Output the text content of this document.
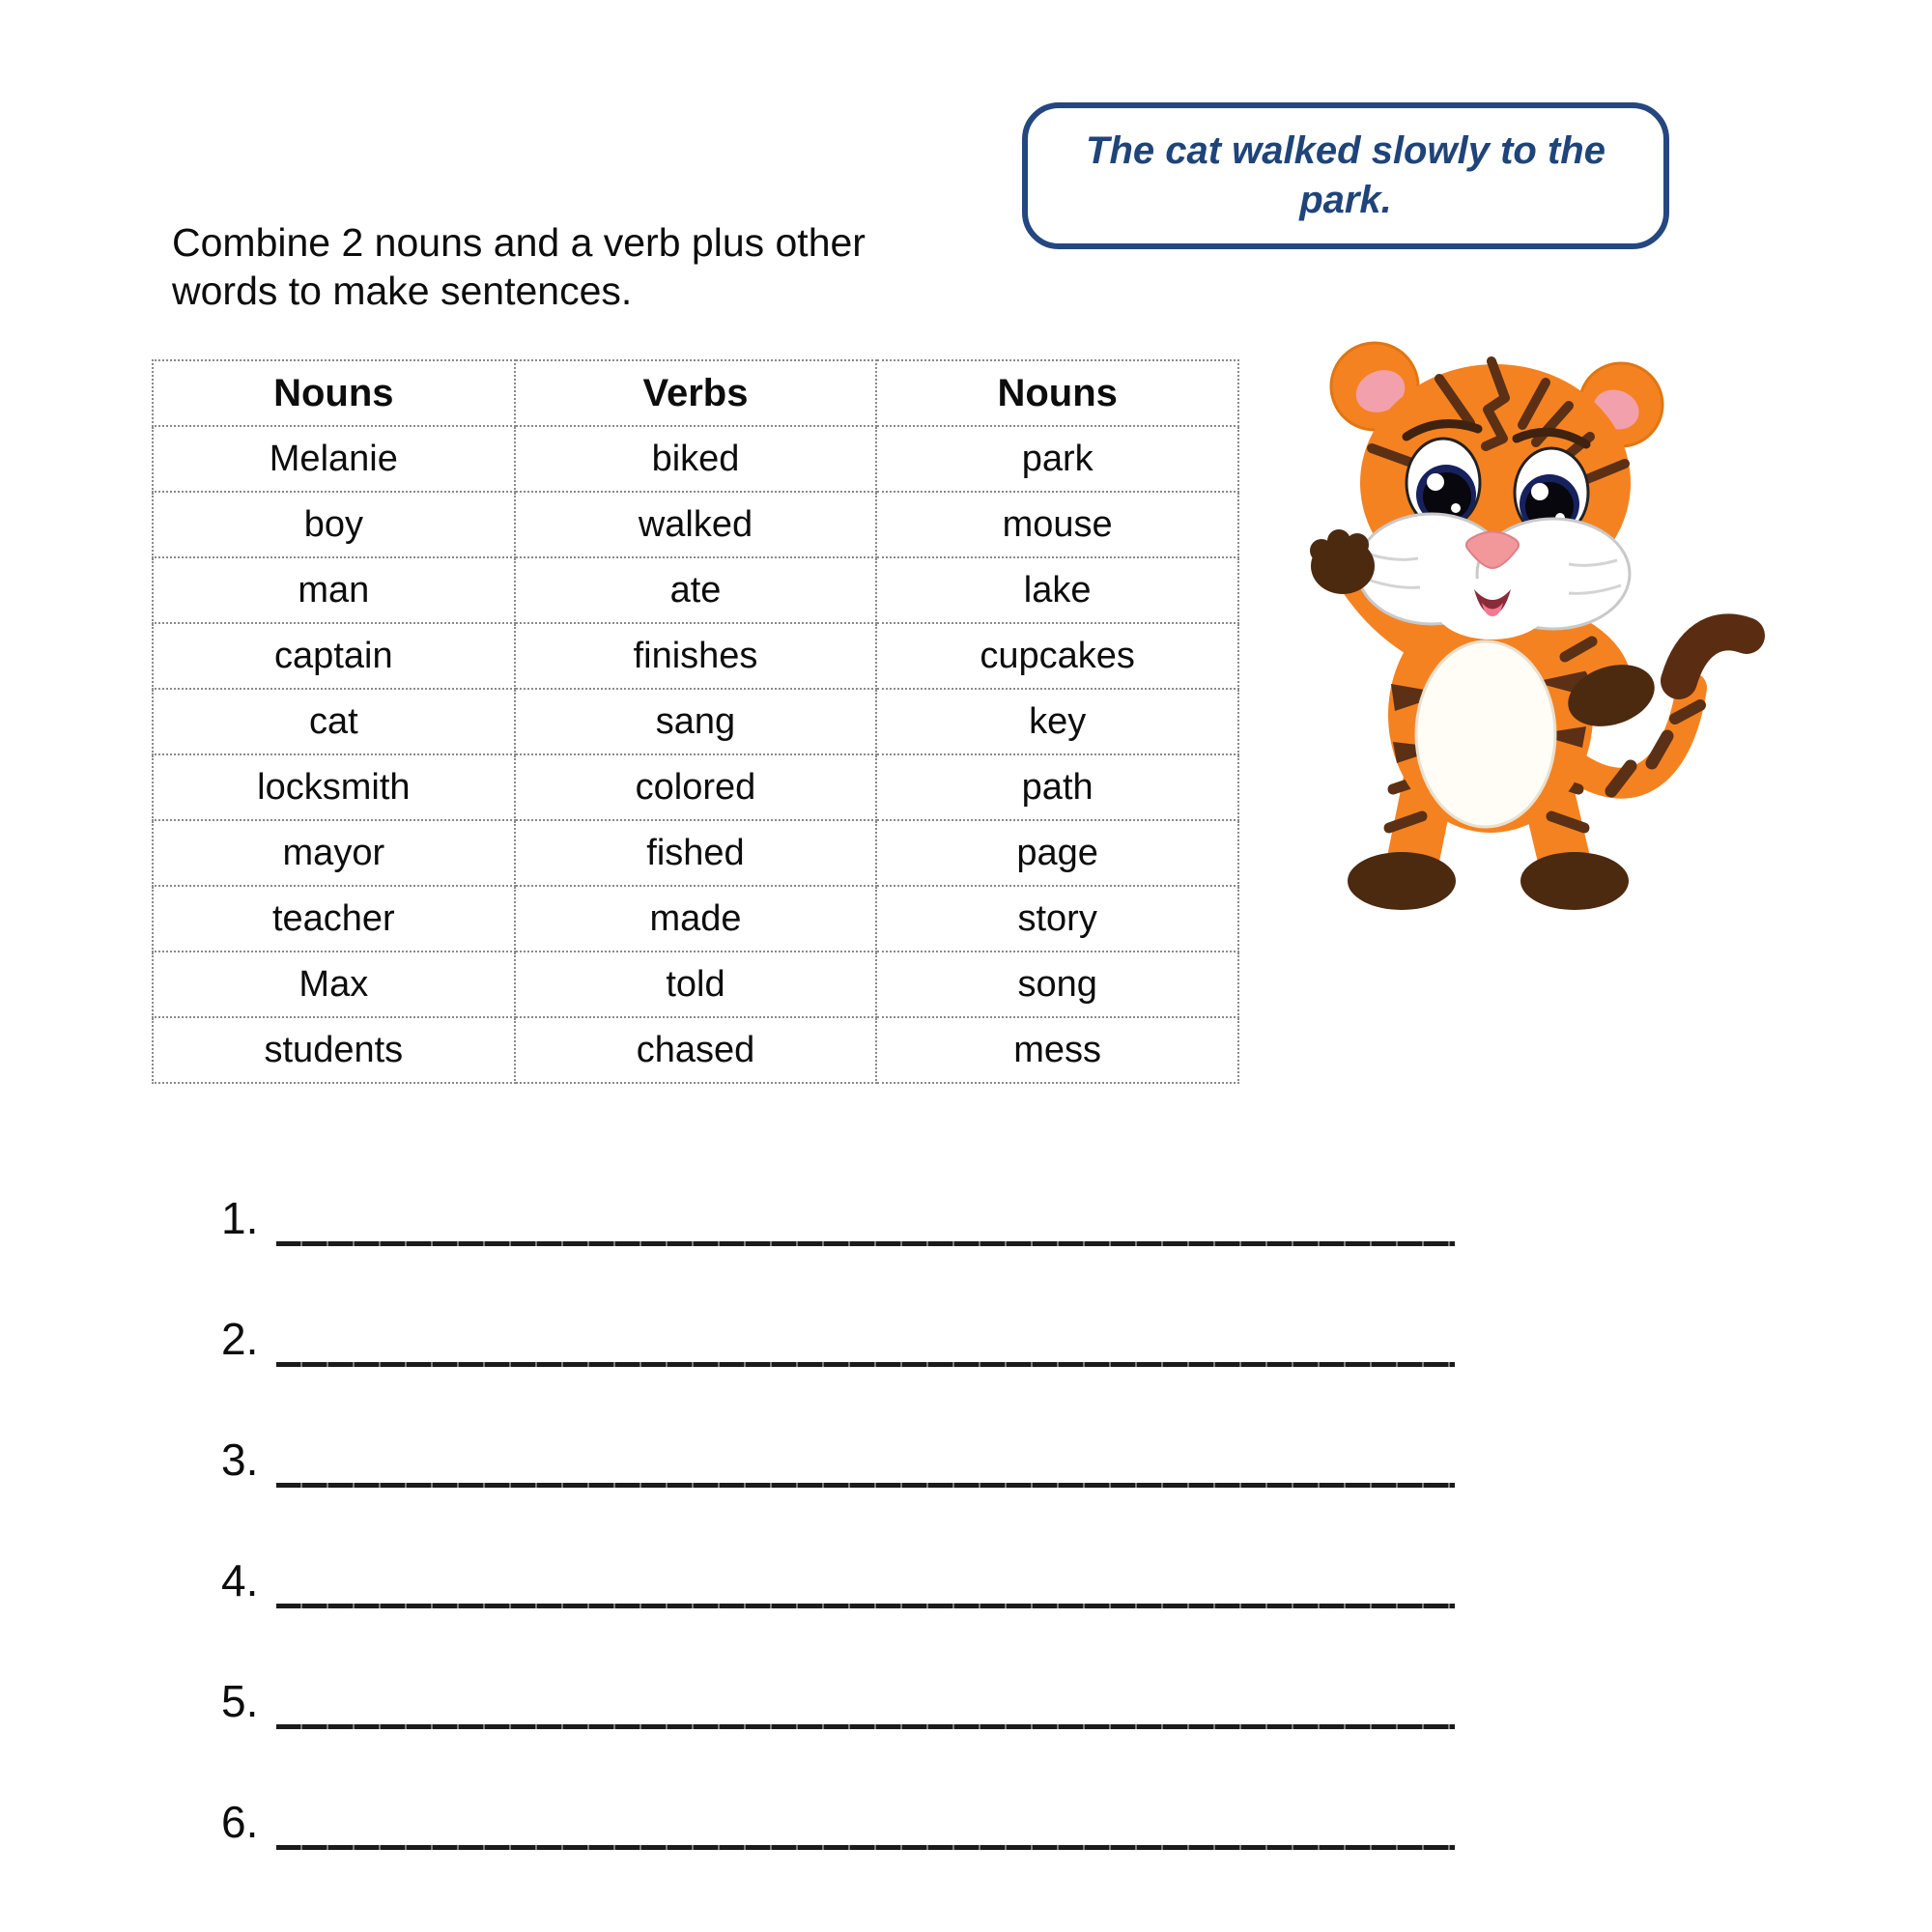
The cat walked slowly to the park.
Combine 2 nouns and a verb plus other words to make sentences.
Nouns	Verbs	Nouns
Melanie	biked	park
boy	walked	mouse
man	ate	lake
captain	finishes	cupcakes
cat	sang	key
locksmith	colored	path
mayor	fished	page
teacher	made	story
Max	told	song
students	chased	mess
1.
2.
3.
4.
5.
6.
